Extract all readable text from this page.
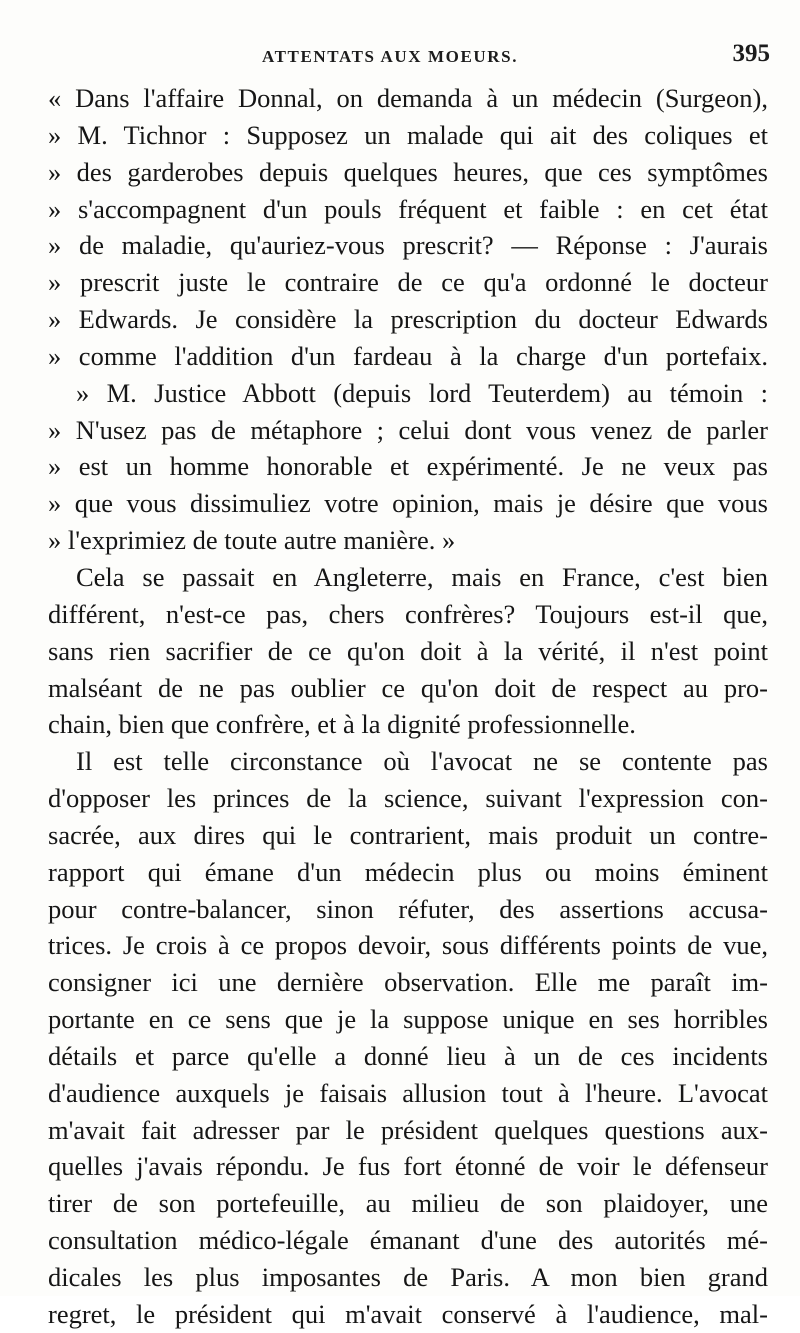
ATTENTATS AUX MOEURS.	395
« Dans l'affaire Donnal, on demanda à un médecin (Surgeon),
» M. Tichnor : Supposez un malade qui ait des coliques et
» des garderobes depuis quelques heures, que ces symptômes
» s'accompagnent d'un pouls fréquent et faible : en cet état
» de maladie, qu'auriez-vous prescrit? — Réponse : J'aurais
» prescrit juste le contraire de ce qu'a ordonné le docteur
» Edwards. Je considère la prescription du docteur Edwards
» comme l'addition d'un fardeau à la charge d'un portefaix.
» M. Justice Abbott (depuis lord Teuterdem) au témoin :
» N'usez pas de métaphore ; celui dont vous venez de parler
» est un homme honorable et expérimenté. Je ne veux pas
» que vous dissimuliez votre opinion, mais je désire que vous
» l'exprimiez de toute autre manière. »
Cela se passait en Angleterre, mais en France, c'est bien
différent, n'est-ce pas, chers confrères? Toujours est-il que,
sans rien sacrifier de ce qu'on doit à la vérité, il n'est point
malséant de ne pas oublier ce qu'on doit de respect au pro-
chain, bien que confrère, et à la dignité professionnelle.
Il est telle circonstance où l'avocat ne se contente pas
d'opposer les princes de la science, suivant l'expression con-
sacrée, aux dires qui le contrarient, mais produit un contre-
rapport qui émane d'un médecin plus ou moins éminent
pour contre-balancer, sinon réfuter, des assertions accusa-
trices. Je crois à ce propos devoir, sous différents points de vue,
consigner ici une dernière observation. Elle me paraît im-
portante en ce sens que je la suppose unique en ses horribles
détails et parce qu'elle a donné lieu à un de ces incidents
d'audience auxquels je faisais allusion tout à l'heure. L'avocat
m'avait fait adresser par le président quelques questions aux-
quelles j'avais répondu. Je fus fort étonné de voir le défenseur
tirer de son portefeuille, au milieu de son plaidoyer, une
consultation médico-légale émanant d'une des autorités mé-
dicales les plus imposantes de Paris. A mon bien grand
regret, le président qui m'avait conservé à l'audience, mal-
